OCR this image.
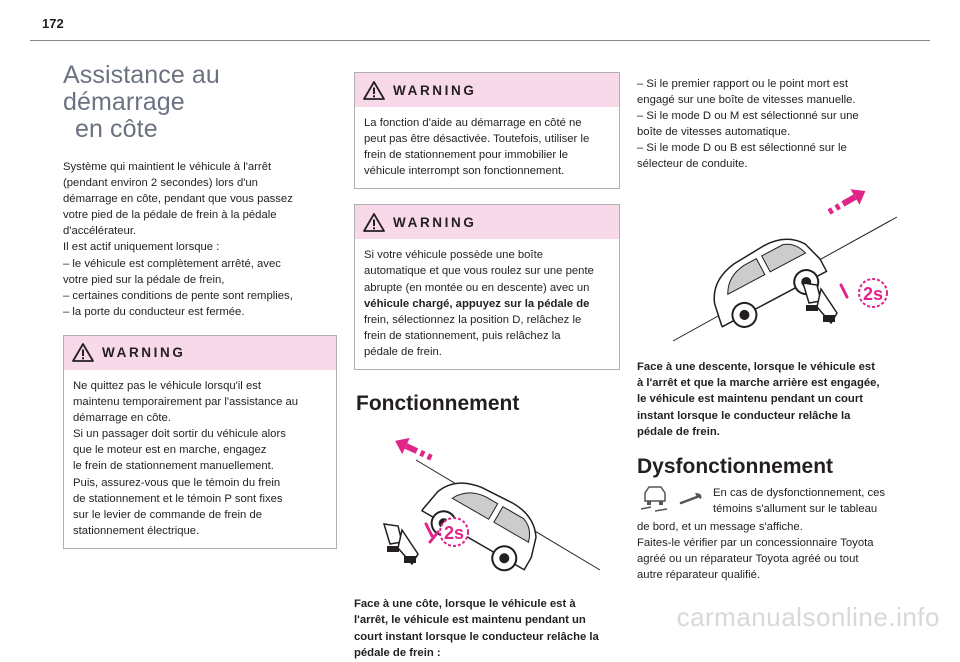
172
Assistance au démarrage
en côte

Système qui maintient le véhicule à l'arrêt

(pendant environ 2 secondes) lors d'un

démarrage en côte, pendant que vous passez

votre pied de la pédale de frein à la pédale

d'accélérateur.

Il est actif uniquement lorsque :

– le véhicule est complètement arrêté, avec

votre pied sur la pédale de frein,

– certaines conditions de pente sont remplies,

– la porte du conducteur est fermée.

WARNING

Ne quittez pas le véhicule lorsqu'il est

maintenu temporairement par l'assistance au

démarrage en côte.

Si un passager doit sortir du véhicule alors

que le moteur est en marche, engagez

le frein de stationnement manuellement.

Puis, assurez-vous que le témoin du frein

de stationnement et le témoin P sont fixes

sur le levier de commande de frein de

stationnement électrique.

WARNING

La fonction d'aide au démarrage en côté ne

peut pas être désactivée. Toutefois, utiliser le

frein de stationnement pour immobilier le

véhicule interrompt son fonctionnement.

WARNING

Si votre véhicule possède une boîte

automatique et que vous roulez sur une pente

abrupte (en montée ou en descente) avec un

véhicule chargé, appuyez sur la pédale de

frein, sélectionnez la position D, relâchez le

frein de stationnement, puis relâchez la

pédale de frein.

Fonctionnement
2s
Face à une côte, lorsque le véhicule est à
l'arrêt, le véhicule est maintenu pendant un
court instant lorsque le conducteur relâche la
pédale de frein :

– Si le premier rapport ou le point mort est

engagé sur une boîte de vitesses manuelle.

– Si le mode D ou M est sélectionné sur une

boîte de vitesses automatique.

– Si le mode D ou B est sélectionné sur le

sélecteur de conduite.

2s
Face à une descente, lorsque le véhicule est
à l'arrêt et que la marche arrière est engagée,
le véhicule est maintenu pendant un court
instant lorsque le conducteur relâche la
pédale de frein.
Dysfonctionnement

En cas de dysfonctionnement, ces

témoins s'allument sur le tableau

de bord, et un message s'affiche.

Faites-le vérifier par un concessionnaire Toyota

agréé ou un réparateur Toyota agréé ou tout

autre réparateur qualifié.

carmanualsonline.info
